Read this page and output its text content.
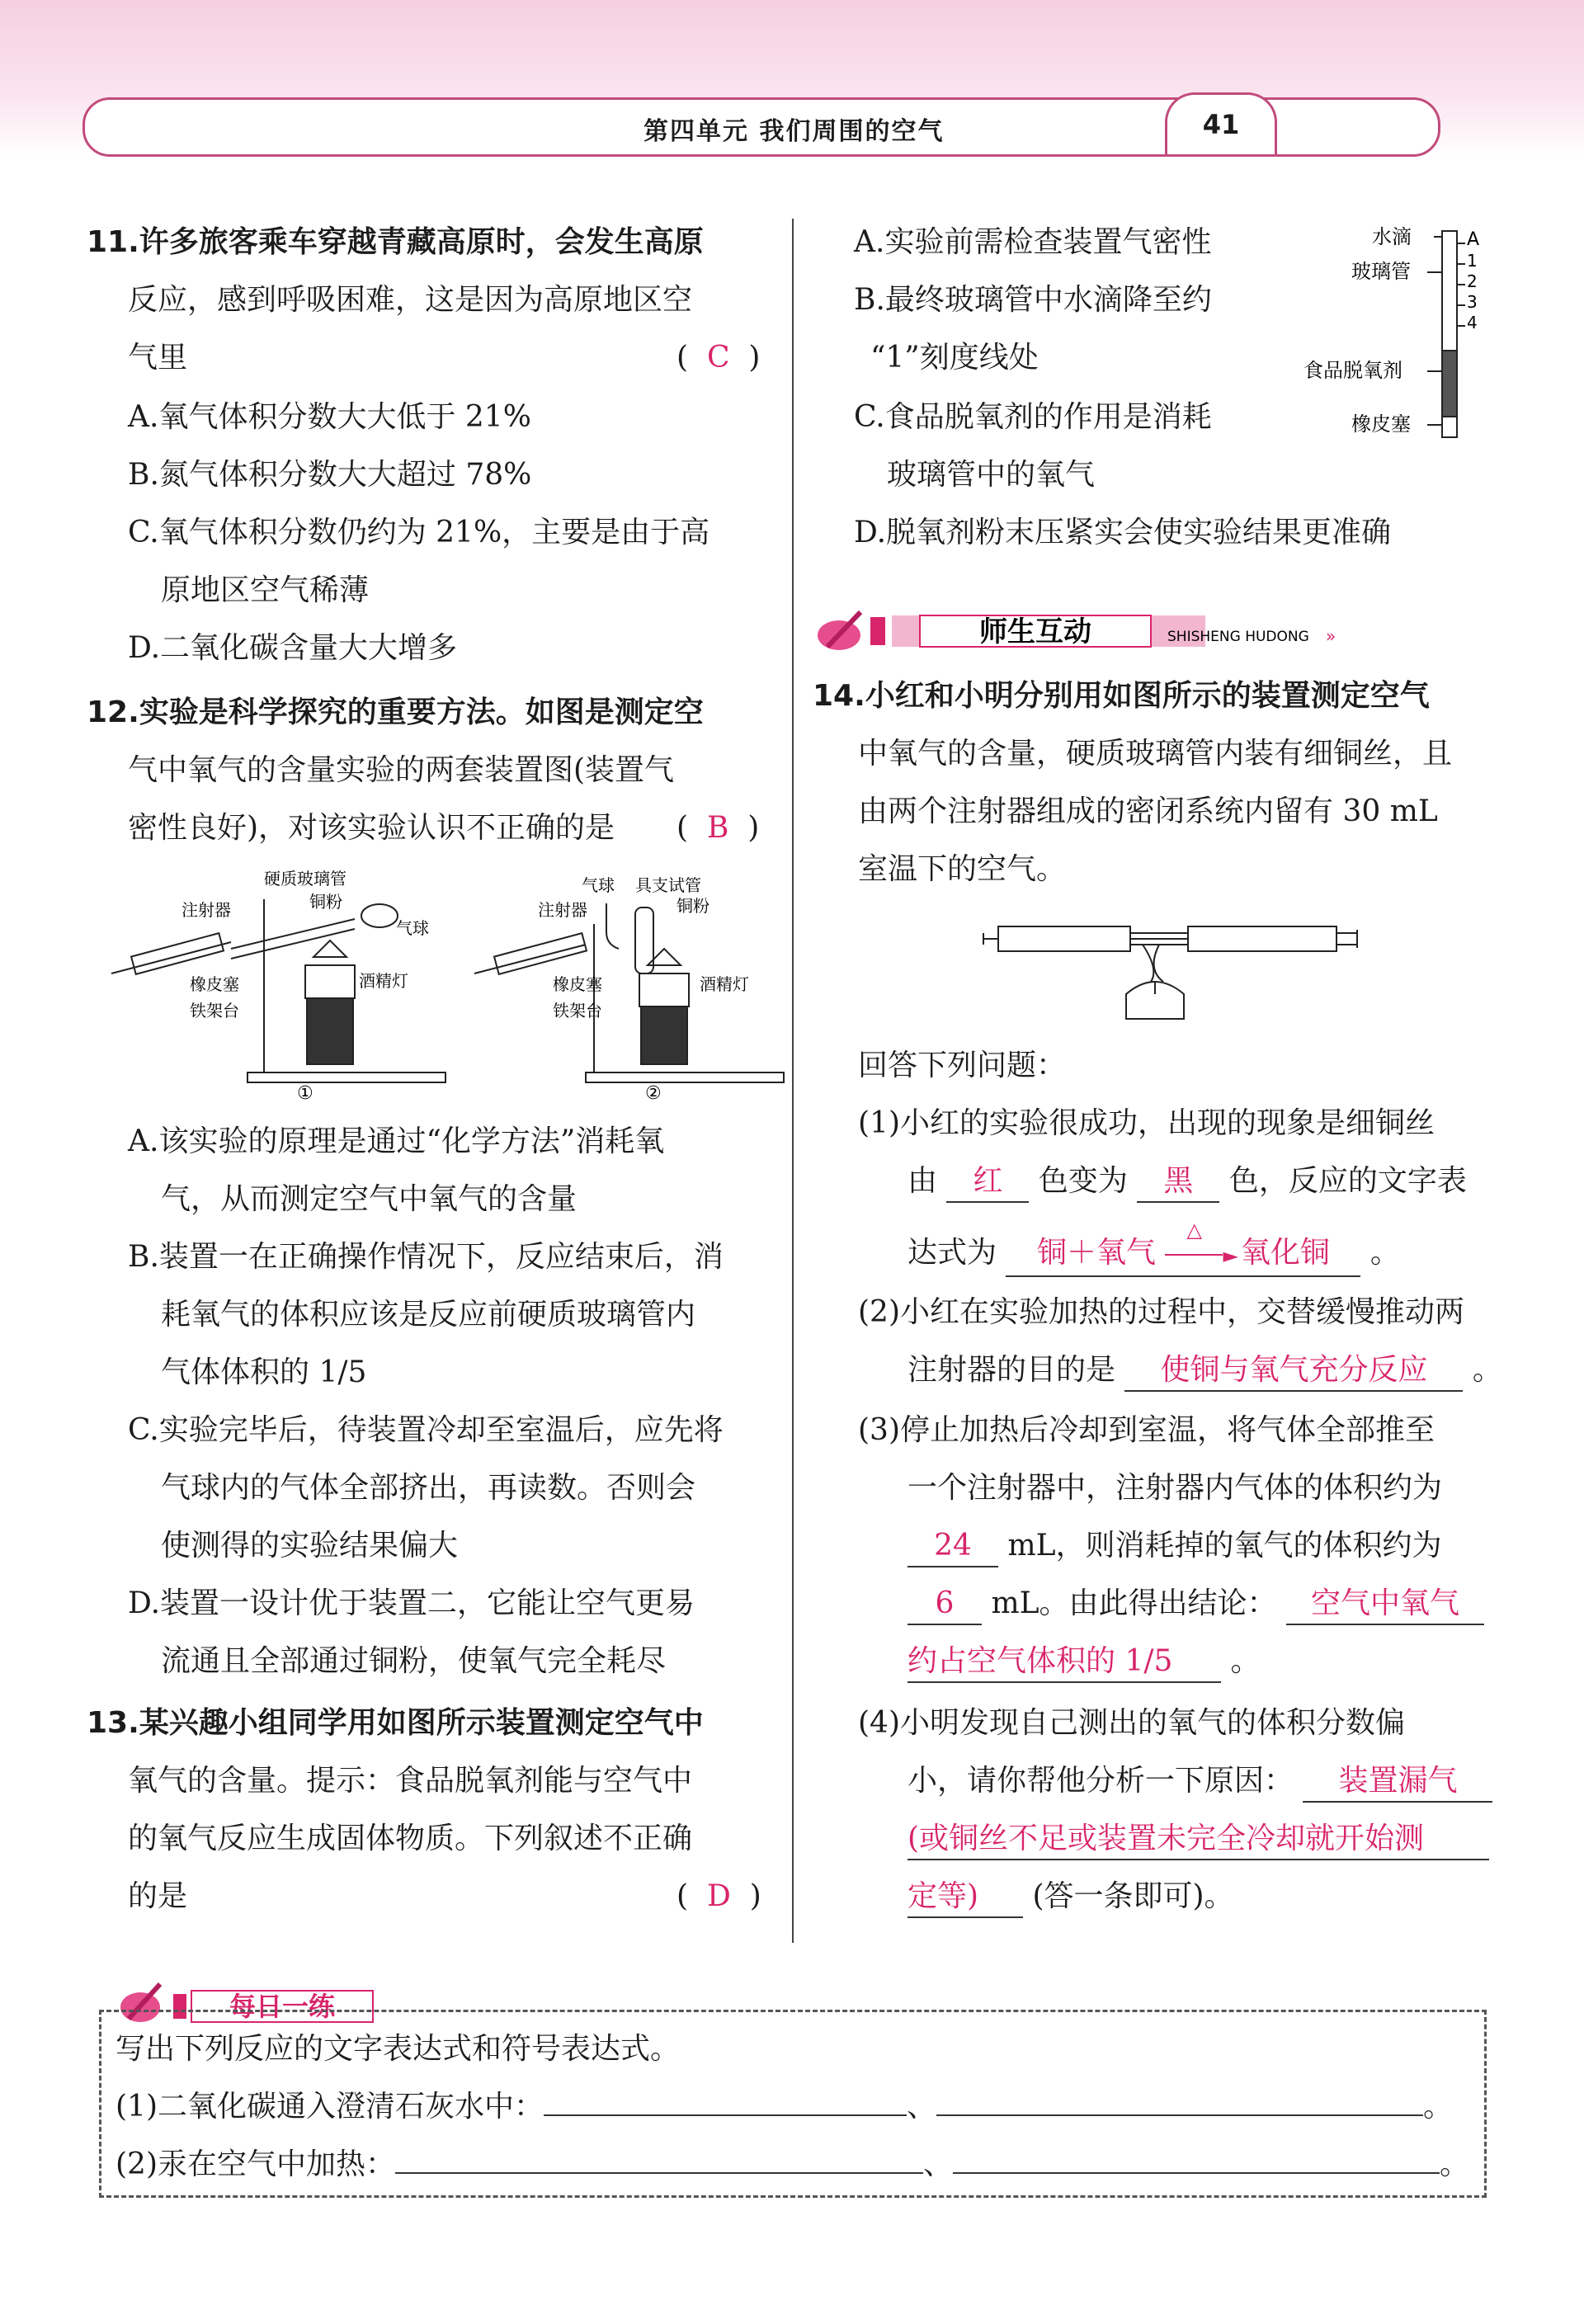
第四单元 我们周围的空气	41
11.许多旅客乘车穿越青藏高原时，会发生高原
反应，感到呼吸困难，这是因为高原地区空
气里	(  C  )
A.氧气体积分数大大低于 21%
B.氮气体积分数大大超过 78%
C.氧气体积分数仍约为 21%，主要是由于高
原地区空气稀薄
D.二氧化碳含量大大增多
12.实验是科学探究的重要方法。如图是测定空
气中氧气的含量实验的两套装置图(装置气
密性良好)，对该实验认识不正确的是 (  B  )
注射器
硬质玻璃管
铜粉
气球
橡皮塞
铁架台
酒精灯
①
注射器
气球 具支试管
铜粉
橡皮塞
铁架台
酒精灯
②
A.该实验的原理是通过“化学方法”消耗氧
气，从而测定空气中氧气的含量
B.装置一在正确操作情况下，反应结束后，消
耗氧气的体积应该是反应前硬质玻璃管内
气体体积的 1/5
C.实验完毕后，待装置冷却至室温后，应先将
气球内的气体全部挤出，再读数。否则会
使测得的实验结果偏大
D.装置一设计优于装置二，它能让空气更易
流通且全部通过铜粉，使氧气完全耗尽
13.某兴趣小组同学用如图所示装置测定空气中
氧气的含量。提示：食品脱氧剂能与空气中
的氧气反应生成固体物质。下列叙述不正确
的是	(  D  )
A.实验前需检查装置气密性
B.最终玻璃管中水滴降至约
“1”刻度线处
C.食品脱氧剂的作用是消耗
玻璃管中的氧气
D.脱氧剂粉末压紧实会使实验结果更准确
水滴
玻璃管
食品脱氧剂
橡皮塞
A
1
2
3
4
师生互动	SHISHENG HUDONG »
14.小红和小明分别用如图所示的装置测定空气
中氧气的含量，硬质玻璃管内装有细铜丝，且
由两个注射器组成的密闭系统内留有 30 mL
室温下的空气。
回答下列问题：
(1)小红的实验很成功，出现的现象是细铜丝
由 红 色变为 黑 色，反应的文字表
达式为 铜＋氧气
△
► 氧化铜 。
(2)小红在实验加热的过程中，交替缓慢推动两
注射器的目的是 使铜与氧气充分反应 。
(3)停止加热后冷却到室温，将气体全部推至
一个注射器中，注射器内气体的体积约为
24 mL，则消耗掉的氧气的体积约为
6 mL。由此得出结论： 空气中氧气
约占空气体积的 1/5 。
(4)小明发现自己测出的氧气的体积分数偏
小，请你帮他分析一下原因： 装置漏气
(或铜丝不足或装置未完全冷却就开始测
定等) (答一条即可)。
每日一练
写出下列反应的文字表达式和符号表达式。
(1)二氧化碳通入澄清石灰水中：	、	。
(2)汞在空气中加热：	、	。
